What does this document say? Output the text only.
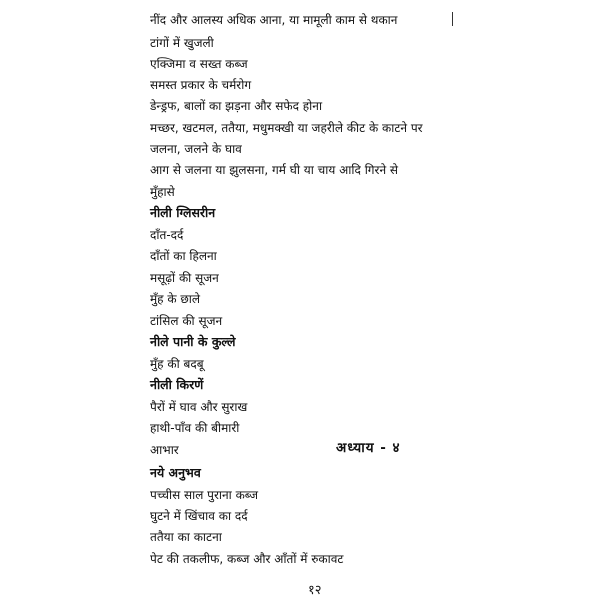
नींद और आलस्य अधिक आना, या मामूली काम से थकान
टांगों में खुजली
एक्जिमा व सख्त कब्ज
समस्त प्रकार के चर्मरोग
डेन्ड्रफ, बालों का झड़ना और सफेद होना
मच्छर, खटमल, ततैया, मधुमक्खी या जहरीले कीट के काटने पर
जलना, जलने के घाव
आग से जलना या झुलसना, गर्म घी या चाय आदि गिरने से
मुँहासे
नीली ग्लिसरीन
दाँत-दर्द
दाँतों का हिलना
मसूढ़ों की सूजन
मुँह के छाले
टांसिल की सूजन
नीले पानी के कुल्ले
मुँह की बदबू
नीली किरणें
पैरों में घाव और सुराख
हाथी-पाँव की बीमारी
आभार	अध्याय - ४
नये अनुभव
पच्चीस साल पुराना कब्ज
घुटने में खिंचाव का दर्द
ततैया का काटना
पेट की तकलीफ, कब्ज और आँतों में रुकावट
१२
